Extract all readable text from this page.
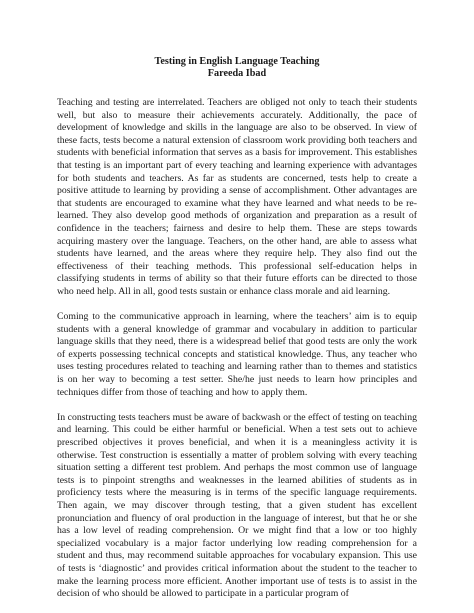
Testing in English Language Teaching
Fareeda Ibad

Teaching and testing are interrelated. Teachers are obliged not only to teach their students well, but also to measure their achievements accurately. Additionally, the pace of development of knowledge and skills in the language are also to be observed. In view of these facts, tests become a natural extension of classroom work providing both teachers and students with beneficial information that serves as a basis for improvement. This establishes that testing is an important part of every teaching and learning experience with advantages for both students and teachers. As far as students are concerned, tests help to create a positive attitude to learning by providing a sense of accomplishment. Other advantages are that students are encouraged to examine what they have learned and what needs to be re-learned. They also develop good methods of organization and preparation as a result of confidence in the teachers; fairness and desire to help them. These are steps towards acquiring mastery over the language. Teachers, on the other hand, are able to assess what students have learned, and the areas where they require help. They also find out the effectiveness of their teaching methods. This professional self-education helps in classifying students in terms of ability so that their future efforts can be directed to those who need help. All in all, good tests sustain or enhance class morale and aid learning.

Coming to the communicative approach in learning, where the teachers’ aim is to equip students with a general knowledge of grammar and vocabulary in addition to particular language skills that they need, there is a widespread belief that good tests are only the work of experts possessing technical concepts and statistical knowledge. Thus, any teacher who uses testing procedures related to teaching and learning rather than to themes and statistics is on her way to becoming a test setter. She/he just needs to learn how principles and techniques differ from those of teaching and how to apply them.

In constructing tests teachers must be aware of backwash or the effect of testing on teaching and learning. This could be either harmful or beneficial. When a test sets out to achieve prescribed objectives it proves beneficial, and when it is a meaningless activity it is otherwise. Test construction is essentially a matter of problem solving with every teaching situation setting a different test problem. And perhaps the most common use of language tests is to pinpoint strengths and weaknesses in the learned abilities of students as in proficiency tests where the measuring is in terms of the specific language requirements. Then again, we may discover through testing, that a given student has excellent pronunciation and fluency of oral production in the language of interest, but that he or she has a low level of reading comprehension. Or we might find that a low or too highly specialized vocabulary is a major factor underlying low reading comprehension for a student and thus, may recommend suitable approaches for vocabulary expansion. This use of tests is ‘diagnostic’ and provides critical information about the student to the teacher to make the learning process more efficient. Another important use of tests is to assist in the decision of who should be allowed to participate in a particular program of
